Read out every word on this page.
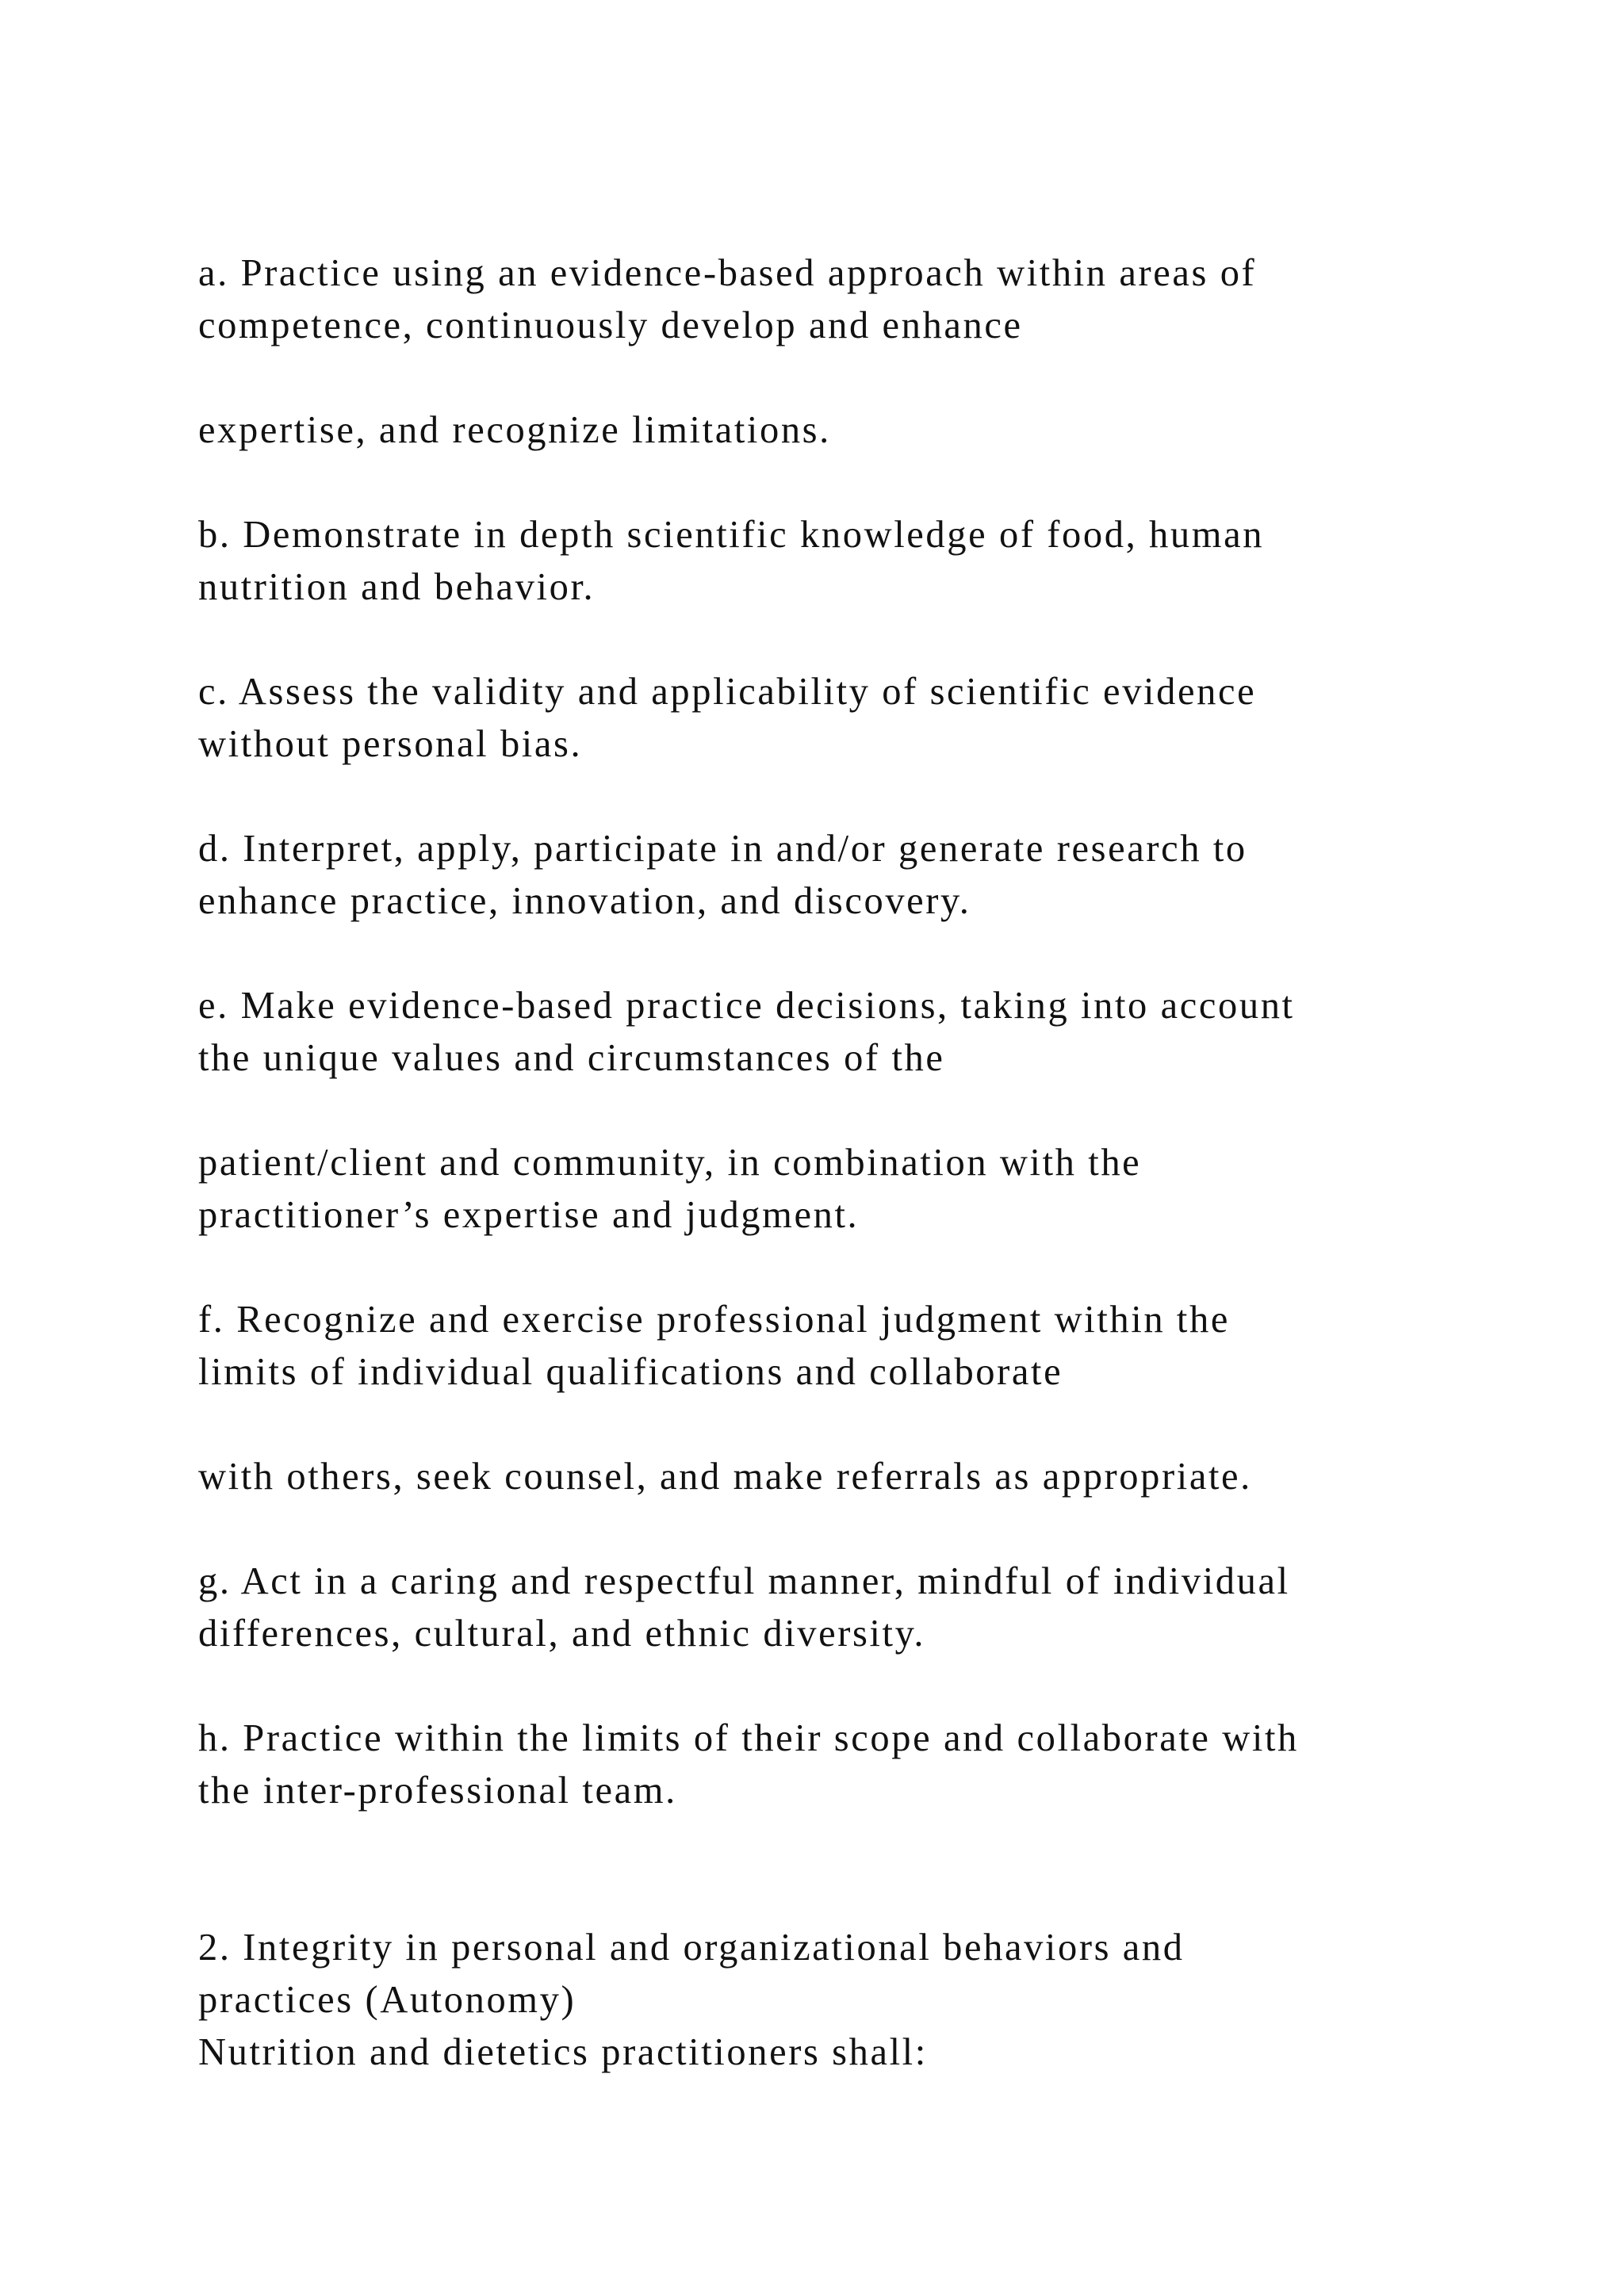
a. Practice using an evidence-based approach within areas of
competence, continuously develop and enhance
expertise, and recognize limitations.
b. Demonstrate in depth scientific knowledge of food, human
nutrition and behavior.
c. Assess the validity and applicability of scientific evidence
without personal bias.
d. Interpret, apply, participate in and/or generate research to
enhance practice, innovation, and discovery.
e. Make evidence-based practice decisions, taking into account
the unique values and circumstances of the
patient/client and community, in combination with the
practitioner’s expertise and judgment.
f. Recognize and exercise professional judgment within the
limits of individual qualifications and collaborate
with others, seek counsel, and make referrals as appropriate.
g. Act in a caring and respectful manner, mindful of individual
differences, cultural, and ethnic diversity.
h. Practice within the limits of their scope and collaborate with
the inter-professional team.
2. Integrity in personal and organizational behaviors and
practices (Autonomy)
Nutrition and dietetics practitioners shall:
